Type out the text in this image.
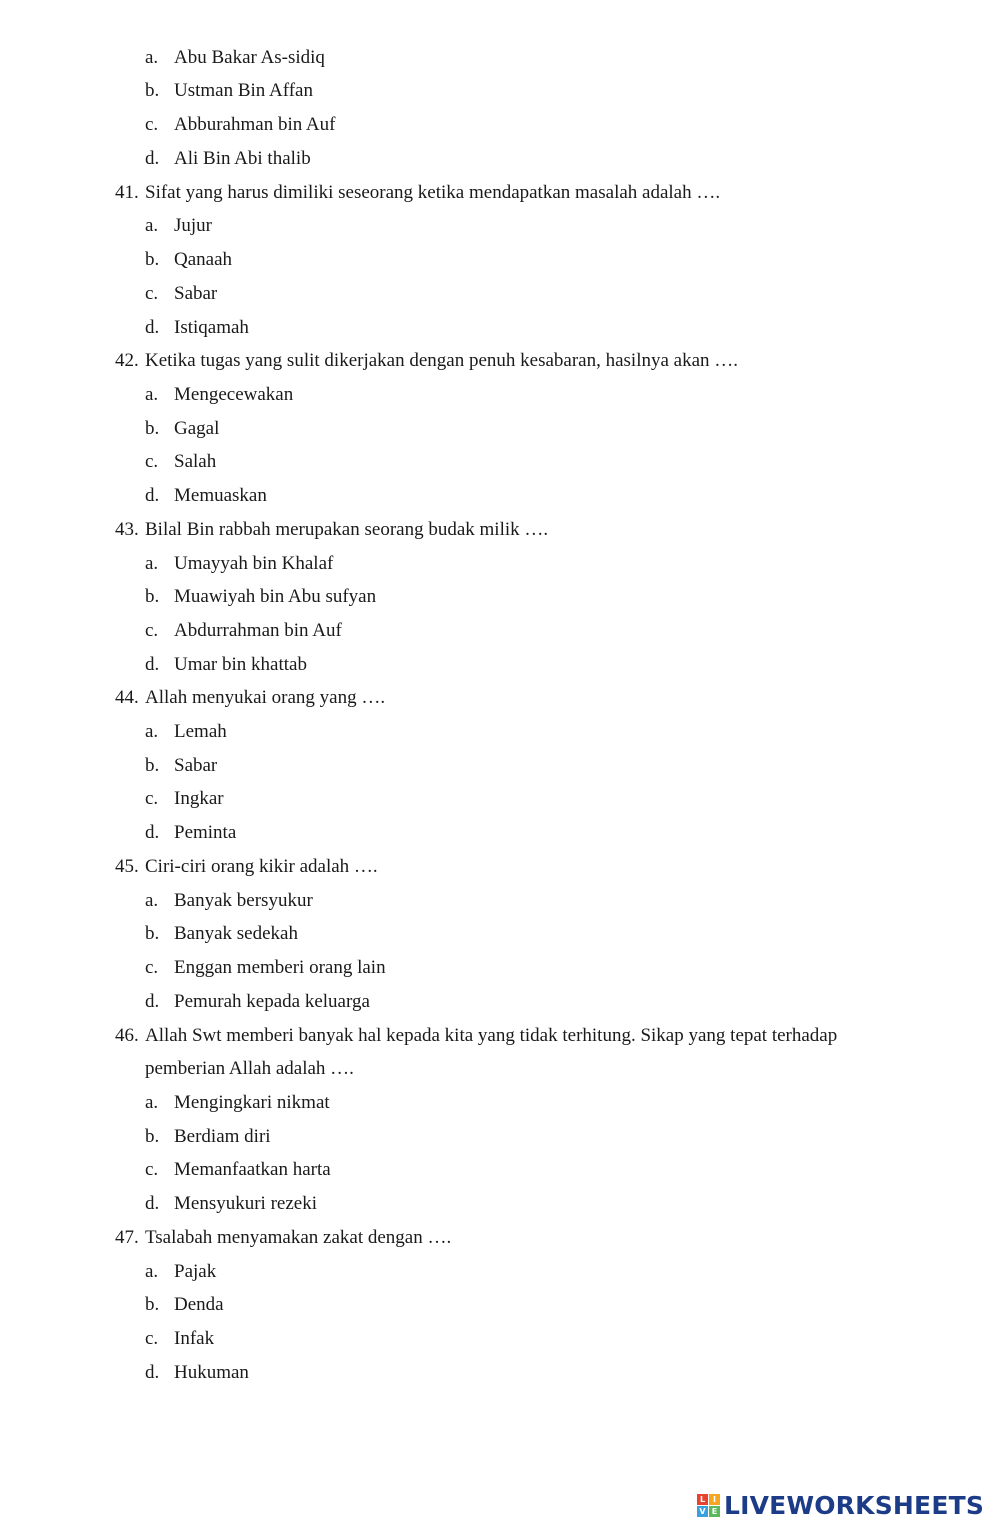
a. Abu Bakar As-sidiq
b. Ustman Bin Affan
c. Abburahman bin Auf
d. Ali Bin Abi thalib
41. Sifat yang harus dimiliki seseorang ketika mendapatkan masalah adalah ….
a. Jujur
b. Qanaah
c. Sabar
d. Istiqamah
42. Ketika tugas yang sulit dikerjakan dengan penuh kesabaran, hasilnya akan ….
a. Mengecewakan
b. Gagal
c. Salah
d. Memuaskan
43. Bilal Bin rabbah merupakan seorang budak milik ….
a. Umayyah bin Khalaf
b. Muawiyah bin Abu sufyan
c. Abdurrahman bin Auf
d. Umar bin khattab
44. Allah menyukai orang yang ….
a. Lemah
b. Sabar
c. Ingkar
d. Peminta
45. Ciri-ciri orang kikir adalah ….
a. Banyak bersyukur
b. Banyak sedekah
c. Enggan memberi orang lain
d. Pemurah kepada keluarga
46. Allah Swt memberi banyak hal kepada kita yang tidak terhitung. Sikap yang tepat terhadap
pemberian Allah adalah ….
a. Mengingkari nikmat
b. Berdiam diri
c. Memanfaatkan harta
d. Mensyukuri rezeki
47. Tsalabah menyamakan zakat dengan ….
a. Pajak
b. Denda
c. Infak
d. Hukuman
L I
V E LIVEWORKSHEETS
